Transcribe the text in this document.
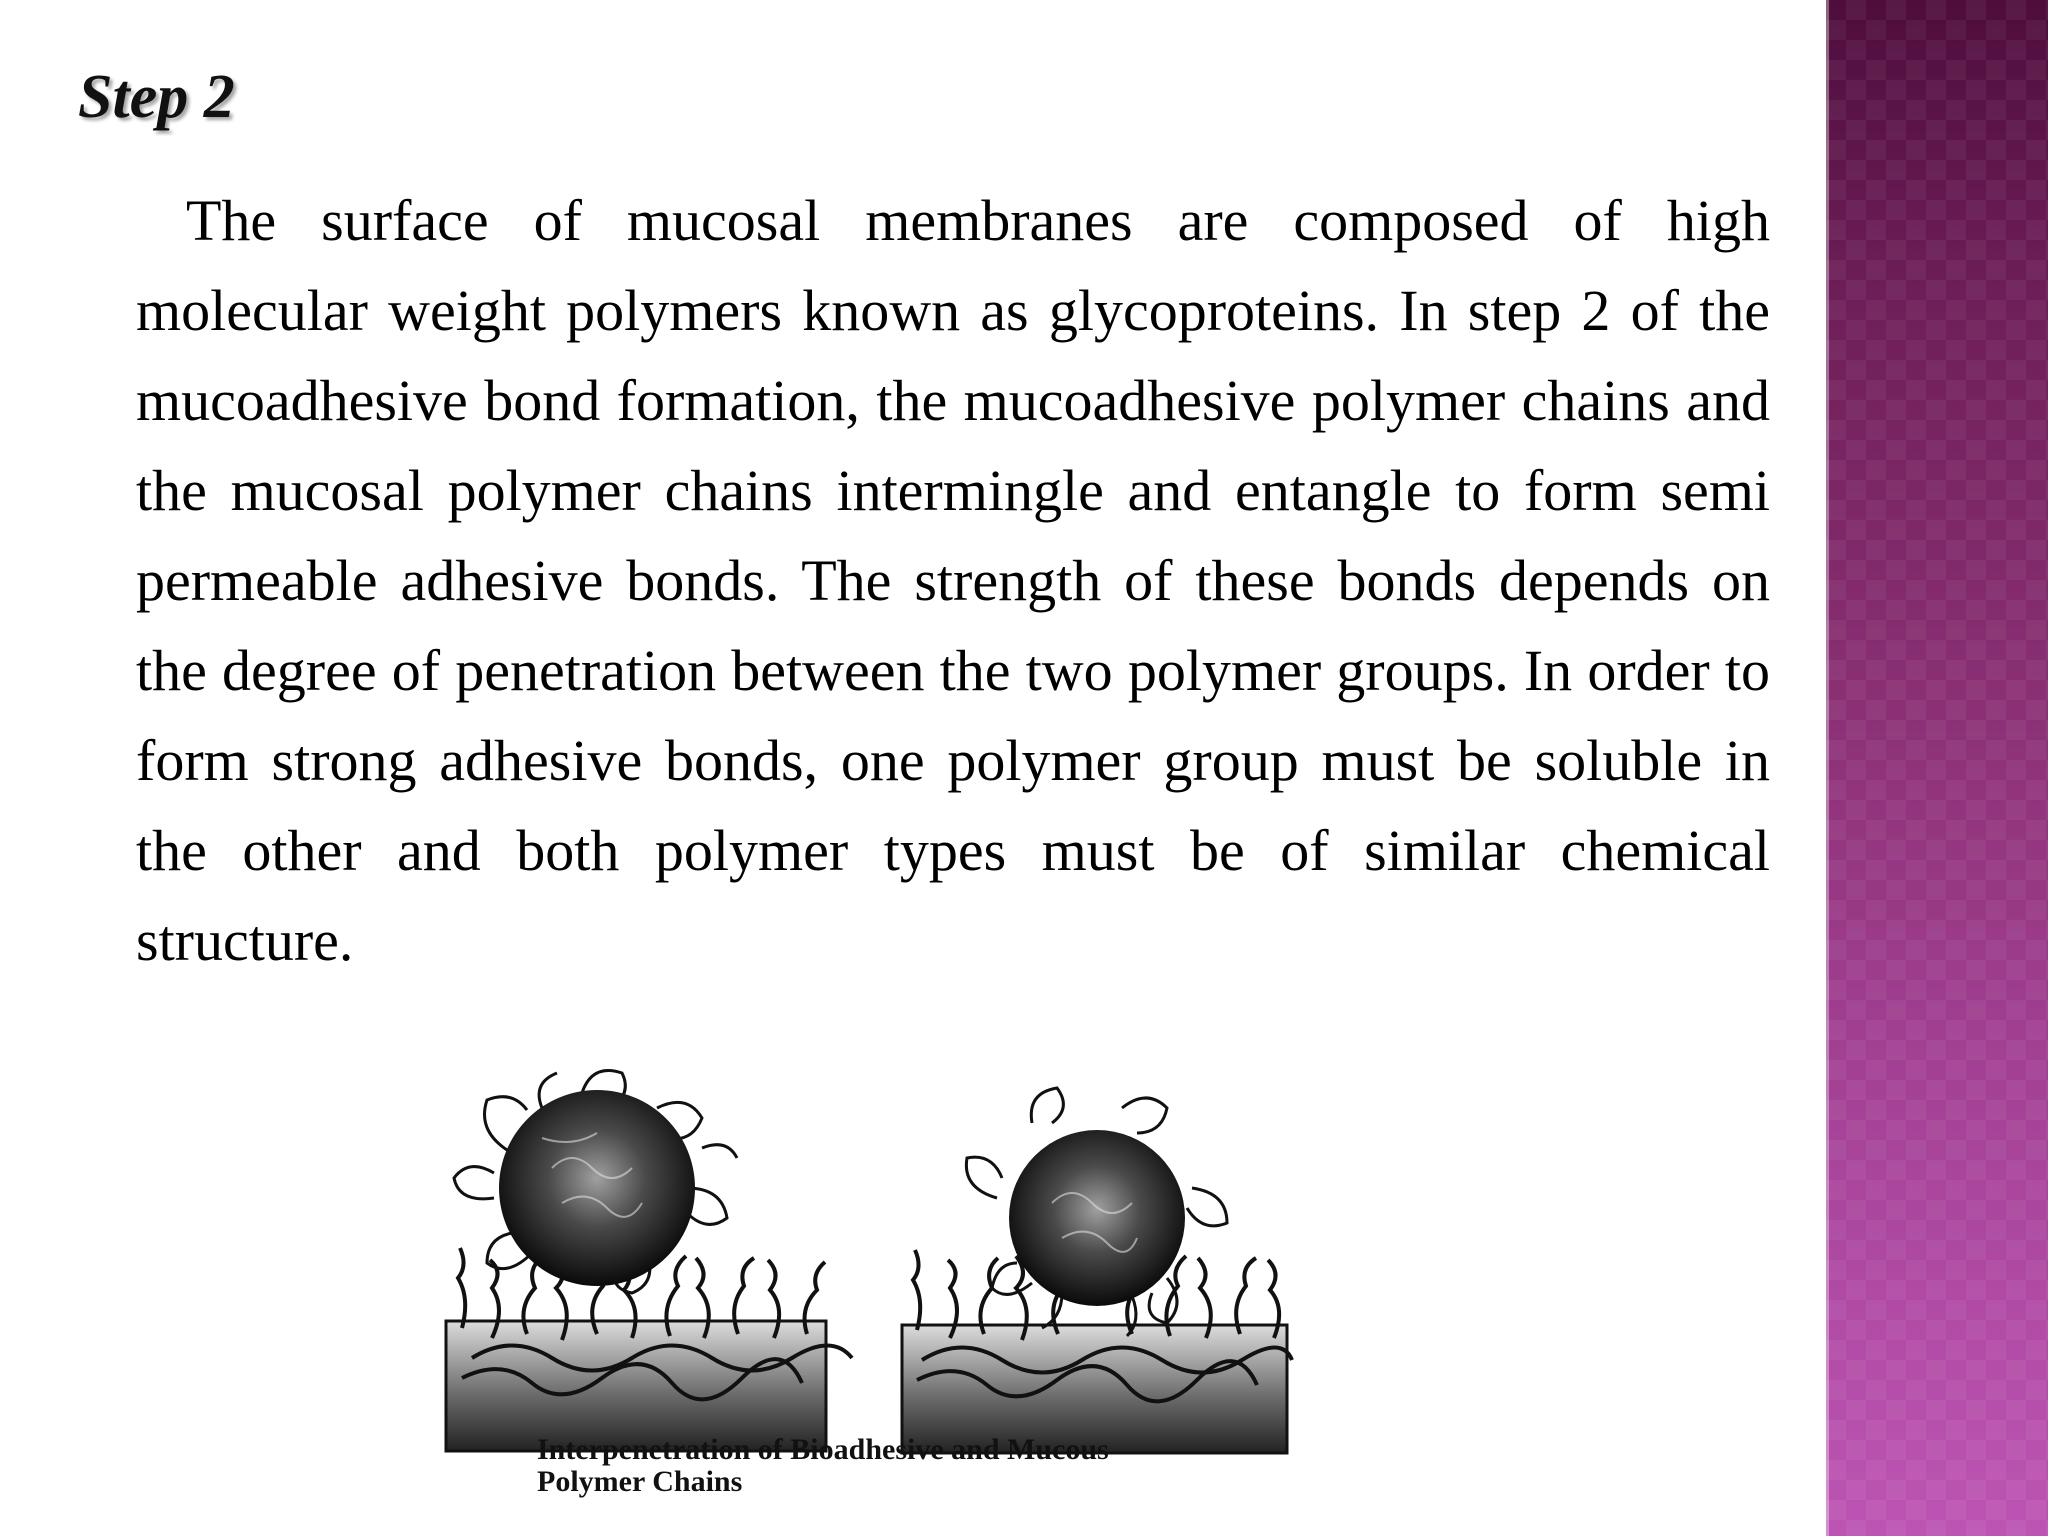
Step 2

The surface of mucosal membranes are composed of high molecular weight polymers known as glycoproteins. In step 2 of the mucoadhesive bond formation, the mucoadhesive polymer chains and the mucosal polymer chains intermingle and entangle to form semi permeable adhesive bonds. The strength of these bonds depends on the degree of penetration between the two polymer groups. In order to form strong adhesive bonds, one polymer group must be soluble in the other and both polymer types must be of similar chemical structure.

Interpenetration of Bioadhesive and Mucous
Polymer Chains
